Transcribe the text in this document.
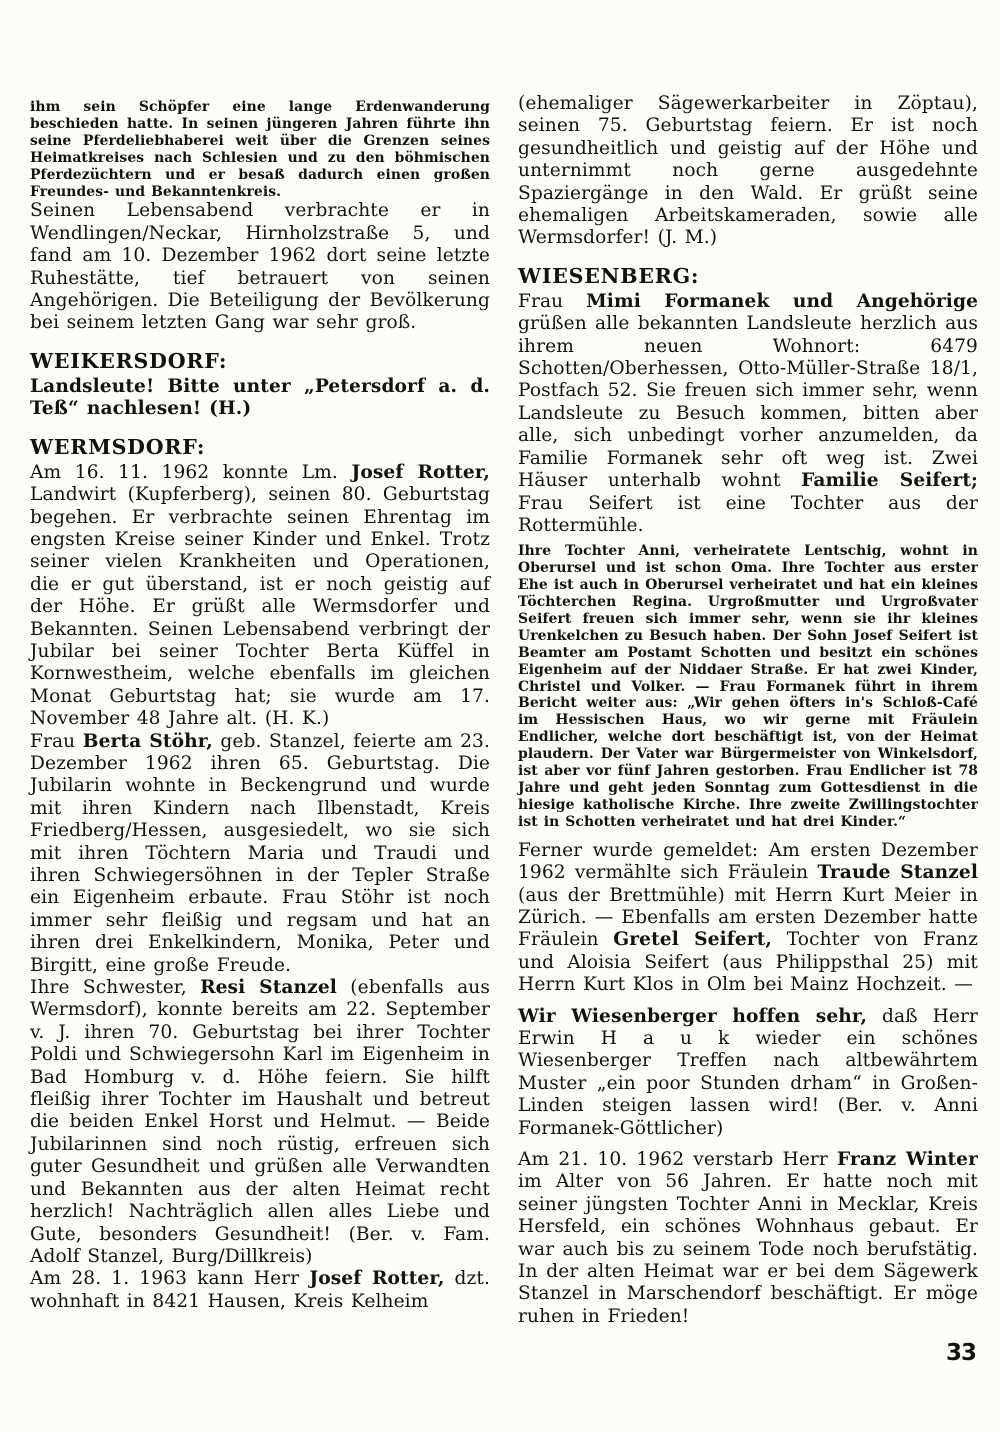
ihm sein Schöpfer eine lange Erdenwanderung beschieden hatte. In seinen jüngeren Jahren führte ihn seine Pferdeliebhaberei weit über die Grenzen seines Heimatkreises nach Schlesien und zu den böhmischen Pferdezüchtern und er besaß dadurch einen großen Freundes- und Bekanntenkreis.

Seinen Lebensabend verbrachte er in Wendlingen/Neckar, Hirnholzstraße 5, und fand am 10. Dezember 1962 dort seine letzte Ruhestätte, tief betrauert von seinen Angehörigen. Die Beteiligung der Bevölkerung bei seinem letzten Gang war sehr groß.

WEIKERSDORF:

Landsleute! Bitte unter „Petersdorf a. d. Teß“ nachlesen! (H.)

WERMSDORF:

Am 16. 11. 1962 konnte Lm. Josef Rotter, Landwirt (Kupferberg), seinen 80. Geburtstag begehen. Er verbrachte seinen Ehrentag im engsten Kreise seiner Kinder und Enkel. Trotz seiner vielen Krankheiten und Operationen, die er gut überstand, ist er noch geistig auf der Höhe. Er grüßt alle Wermsdorfer und Bekannten. Seinen Lebensabend verbringt der Jubilar bei seiner Tochter Berta Küffel in Kornwestheim, welche ebenfalls im gleichen Monat Geburtstag hat; sie wurde am 17. November 48 Jahre alt. (H. K.)

Frau Berta Stöhr, geb. Stanzel, feierte am 23. Dezember 1962 ihren 65. Geburtstag. Die Jubilarin wohnte in Beckengrund und wurde mit ihren Kindern nach Ilbenstadt, Kreis Friedberg/Hessen, ausgesiedelt, wo sie sich mit ihren Töchtern Maria und Traudi und ihren Schwiegersöhnen in der Tepler Straße ein Eigenheim erbaute. Frau Stöhr ist noch immer sehr fleißig und regsam und hat an ihren drei Enkelkindern, Monika, Peter und Birgitt, eine große Freude.

Ihre Schwester, Resi Stanzel (ebenfalls aus Wermsdorf), konnte bereits am 22. September v. J. ihren 70. Geburtstag bei ihrer Tochter Poldi und Schwiegersohn Karl im Eigenheim in Bad Homburg v. d. Höhe feiern. Sie hilft fleißig ihrer Tochter im Haushalt und betreut die beiden Enkel Horst und Helmut. — Beide Jubilarinnen sind noch rüstig, erfreuen sich guter Gesundheit und grüßen alle Verwandten und Bekannten aus der alten Heimat recht herzlich! Nachträglich allen alles Liebe und Gute, besonders Gesundheit! (Ber. v. Fam. Adolf Stanzel, Burg/Dillkreis)

Am 28. 1. 1963 kann Herr Josef Rotter, dzt. wohnhaft in 8421 Hausen, Kreis Kelheim

(ehemaliger Sägewerkarbeiter in Zöptau), seinen 75. Geburtstag feiern. Er ist noch gesundheitlich und geistig auf der Höhe und unternimmt noch gerne ausgedehnte Spaziergänge in den Wald. Er grüßt seine ehemaligen Arbeitskameraden, sowie alle Wermsdorfer! (J. M.)

WIESENBERG:

Frau Mimi Formanek und Angehörige grüßen alle bekannten Landsleute herzlich aus ihrem neuen Wohnort: 6479 Schotten/Oberhessen, Otto-Müller-Straße 18/1, Postfach 52. Sie freuen sich immer sehr, wenn Landsleute zu Besuch kommen, bitten aber alle, sich unbedingt vorher anzumelden, da Familie Formanek sehr oft weg ist. Zwei Häuser unterhalb wohnt Familie Seifert; Frau Seifert ist eine Tochter aus der Rottermühle.

Ihre Tochter Anni, verheiratete Lentschig, wohnt in Oberursel und ist schon Oma. Ihre Tochter aus erster Ehe ist auch in Oberursel verheiratet und hat ein kleines Töchterchen Regina. Urgroßmutter und Urgroßvater Seifert freuen sich immer sehr, wenn sie ihr kleines Urenkelchen zu Besuch haben. Der Sohn Josef Seifert ist Beamter am Postamt Schotten und besitzt ein schönes Eigenheim auf der Niddaer Straße. Er hat zwei Kinder, Christel und Volker. — Frau Formanek führt in ihrem Bericht weiter aus: „Wir gehen öfters in's Schloß-Café im Hessischen Haus, wo wir gerne mit Fräulein Endlicher, welche dort beschäftigt ist, von der Heimat plaudern. Der Vater war Bürgermeister von Winkelsdorf, ist aber vor fünf Jahren gestorben. Frau Endlicher ist 78 Jahre und geht jeden Sonntag zum Gottesdienst in die hiesige katholische Kirche. Ihre zweite Zwillingstochter ist in Schotten verheiratet und hat drei Kinder.“

Ferner wurde gemeldet: Am ersten Dezember 1962 vermählte sich Fräulein Traude Stanzel (aus der Brettmühle) mit Herrn Kurt Meier in Zürich. — Ebenfalls am ersten Dezember hatte Fräulein Gretel Seifert, Tochter von Franz und Aloisia Seifert (aus Philippsthal 25) mit Herrn Kurt Klos in Olm bei Mainz Hochzeit. —

Wir Wiesenberger hoffen sehr, daß Herr Erwin H a u k wieder ein schönes Wiesenberger Treffen nach altbewährtem Muster „ein poor Stunden drham“ in Großen-Linden steigen lassen wird! (Ber. v. Anni Formanek-Göttlicher)

Am 21. 10. 1962 verstarb Herr Franz Winter im Alter von 56 Jahren. Er hatte noch mit seiner jüngsten Tochter Anni in Mecklar, Kreis Hersfeld, ein schönes Wohnhaus gebaut. Er war auch bis zu seinem Tode noch berufstätig. In der alten Heimat war er bei dem Sägewerk Stanzel in Marschendorf beschäftigt. Er möge ruhen in Frieden!

33
